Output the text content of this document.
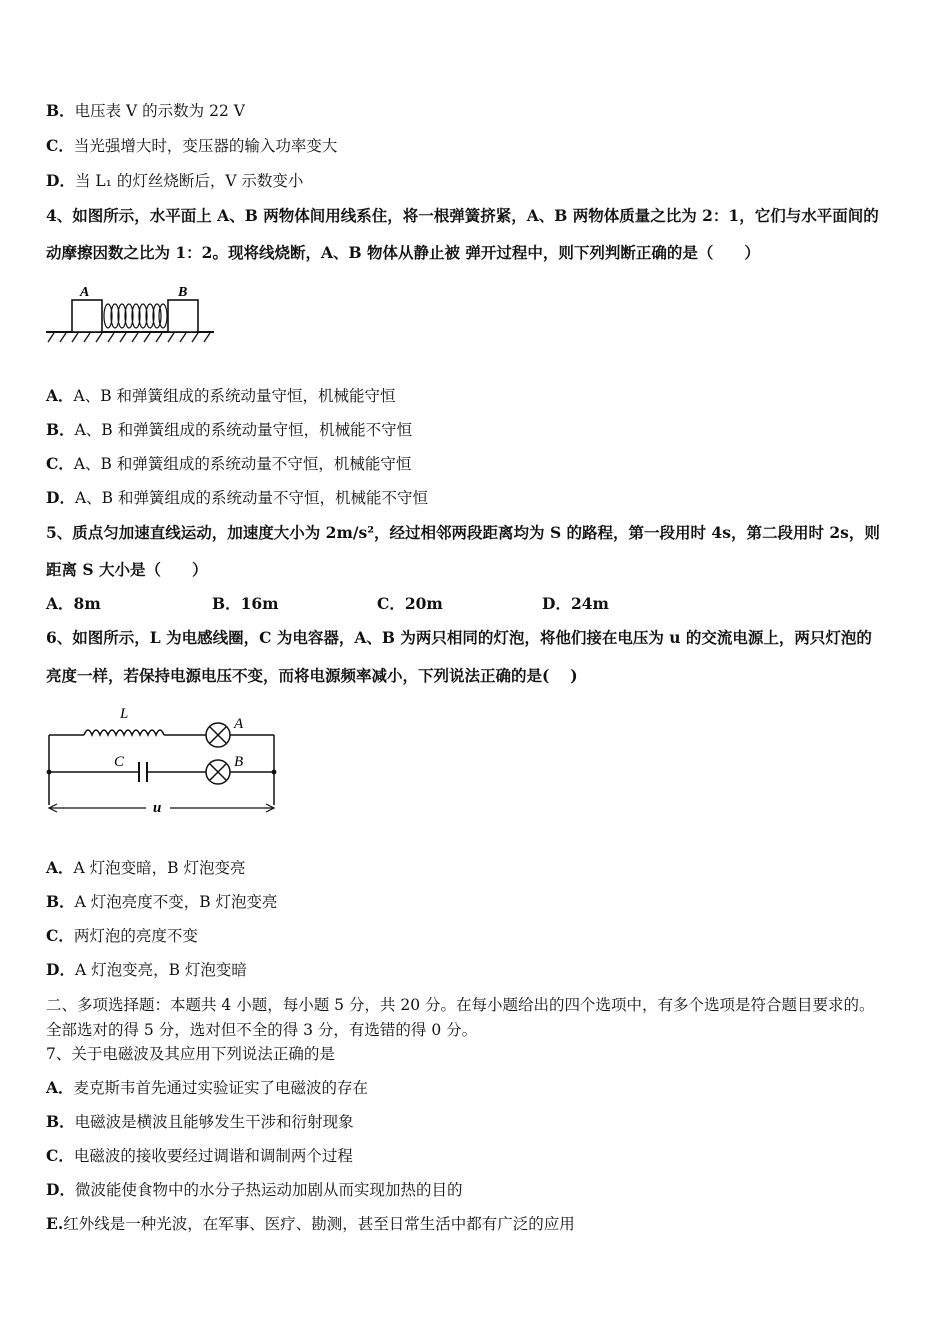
B．电压表 V 的示数为 22 V
C．当光强增大时，变压器的输入功率变大
D．当 L₁ 的灯丝烧断后，V 示数变小
4、如图所示，水平面上 A、B 两物体间用线系住，将一根弹簧挤紧，A、B 两物体质量之比为 2：1，它们与水平面间的
动摩擦因数之比为 1：2。现将线烧断，A、B 物体从静止被 弹开过程中，则下列判断正确的是（　　）
A	B
A．A、B 和弹簧组成的系统动量守恒，机械能守恒
B．A、B 和弹簧组成的系统动量守恒，机械能不守恒
C．A、B 和弹簧组成的系统动量不守恒，机械能守恒
D．A、B 和弹簧组成的系统动量不守恒，机械能不守恒
5、质点匀加速直线运动，加速度大小为 2m/s²，经过相邻两段距离均为 S 的路程，第一段用时 4s，第二段用时 2s，则
距离 S 大小是（　　）
A．8m	B．16m	C．20m	D．24m
6、如图所示，L 为电感线圈，C 为电容器，A、B 为两只相同的灯泡，将他们接在电压为 u 的交流电源上，两只灯泡的
亮度一样，若保持电源电压不变，而将电源频率减小，下列说法正确的是(　 )
L
A
C	B
u
A．A 灯泡变暗，B 灯泡变亮
B．A 灯泡亮度不变，B 灯泡变亮
C．两灯泡的亮度不变
D．A 灯泡变亮，B 灯泡变暗
二、多项选择题：本题共 4 小题，每小题 5 分，共 20 分。在每小题给出的四个选项中，有多个选项是符合题目要求的。
全部选对的得 5 分，选对但不全的得 3 分，有选错的得 0 分。
7、关于电磁波及其应用下列说法正确的是
A．麦克斯韦首先通过实验证实了电磁波的存在
B．电磁波是横波且能够发生干涉和衍射现象
C．电磁波的接收要经过调谐和调制两个过程
D．微波能使食物中的水分子热运动加剧从而实现加热的目的
E.红外线是一种光波，在军事、医疗、勘测，甚至日常生活中都有广泛的应用
